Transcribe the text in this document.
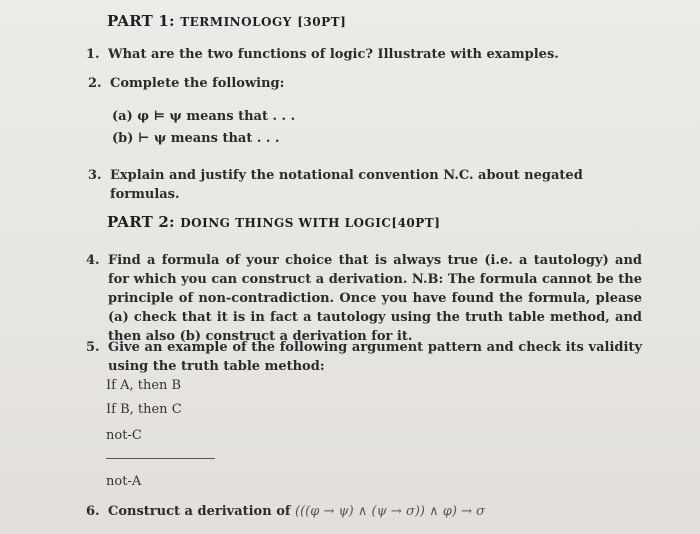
PART 1: TERMINOLOGY [30PT]
1. What are the two functions of logic? Illustrate with examples.
2. Complete the following:
(a) φ ⊨ ψ means that . . .
(b) ⊢ ψ means that . . .
3. Explain and justify the notational convention N.C. about negated formulas.
PART 2: DOING THINGS WITH LOGIC[40PT]
4. Find a formula of your choice that is always true (i.e. a tautology) and for which you can construct a derivation. N.B: The formula cannot be the principle of non-contradiction. Once you have found the formula, please (a) check that it is in fact a tautology using the truth table method, and then also (b) construct a derivation for it.
5. Give an example of the following argument pattern and check its validity using the truth table method:
If A, then B
If B, then C
not-C
not-A
6. Construct a derivation of (((φ → ψ) ∧ (ψ → σ)) ∧ φ) → σ
